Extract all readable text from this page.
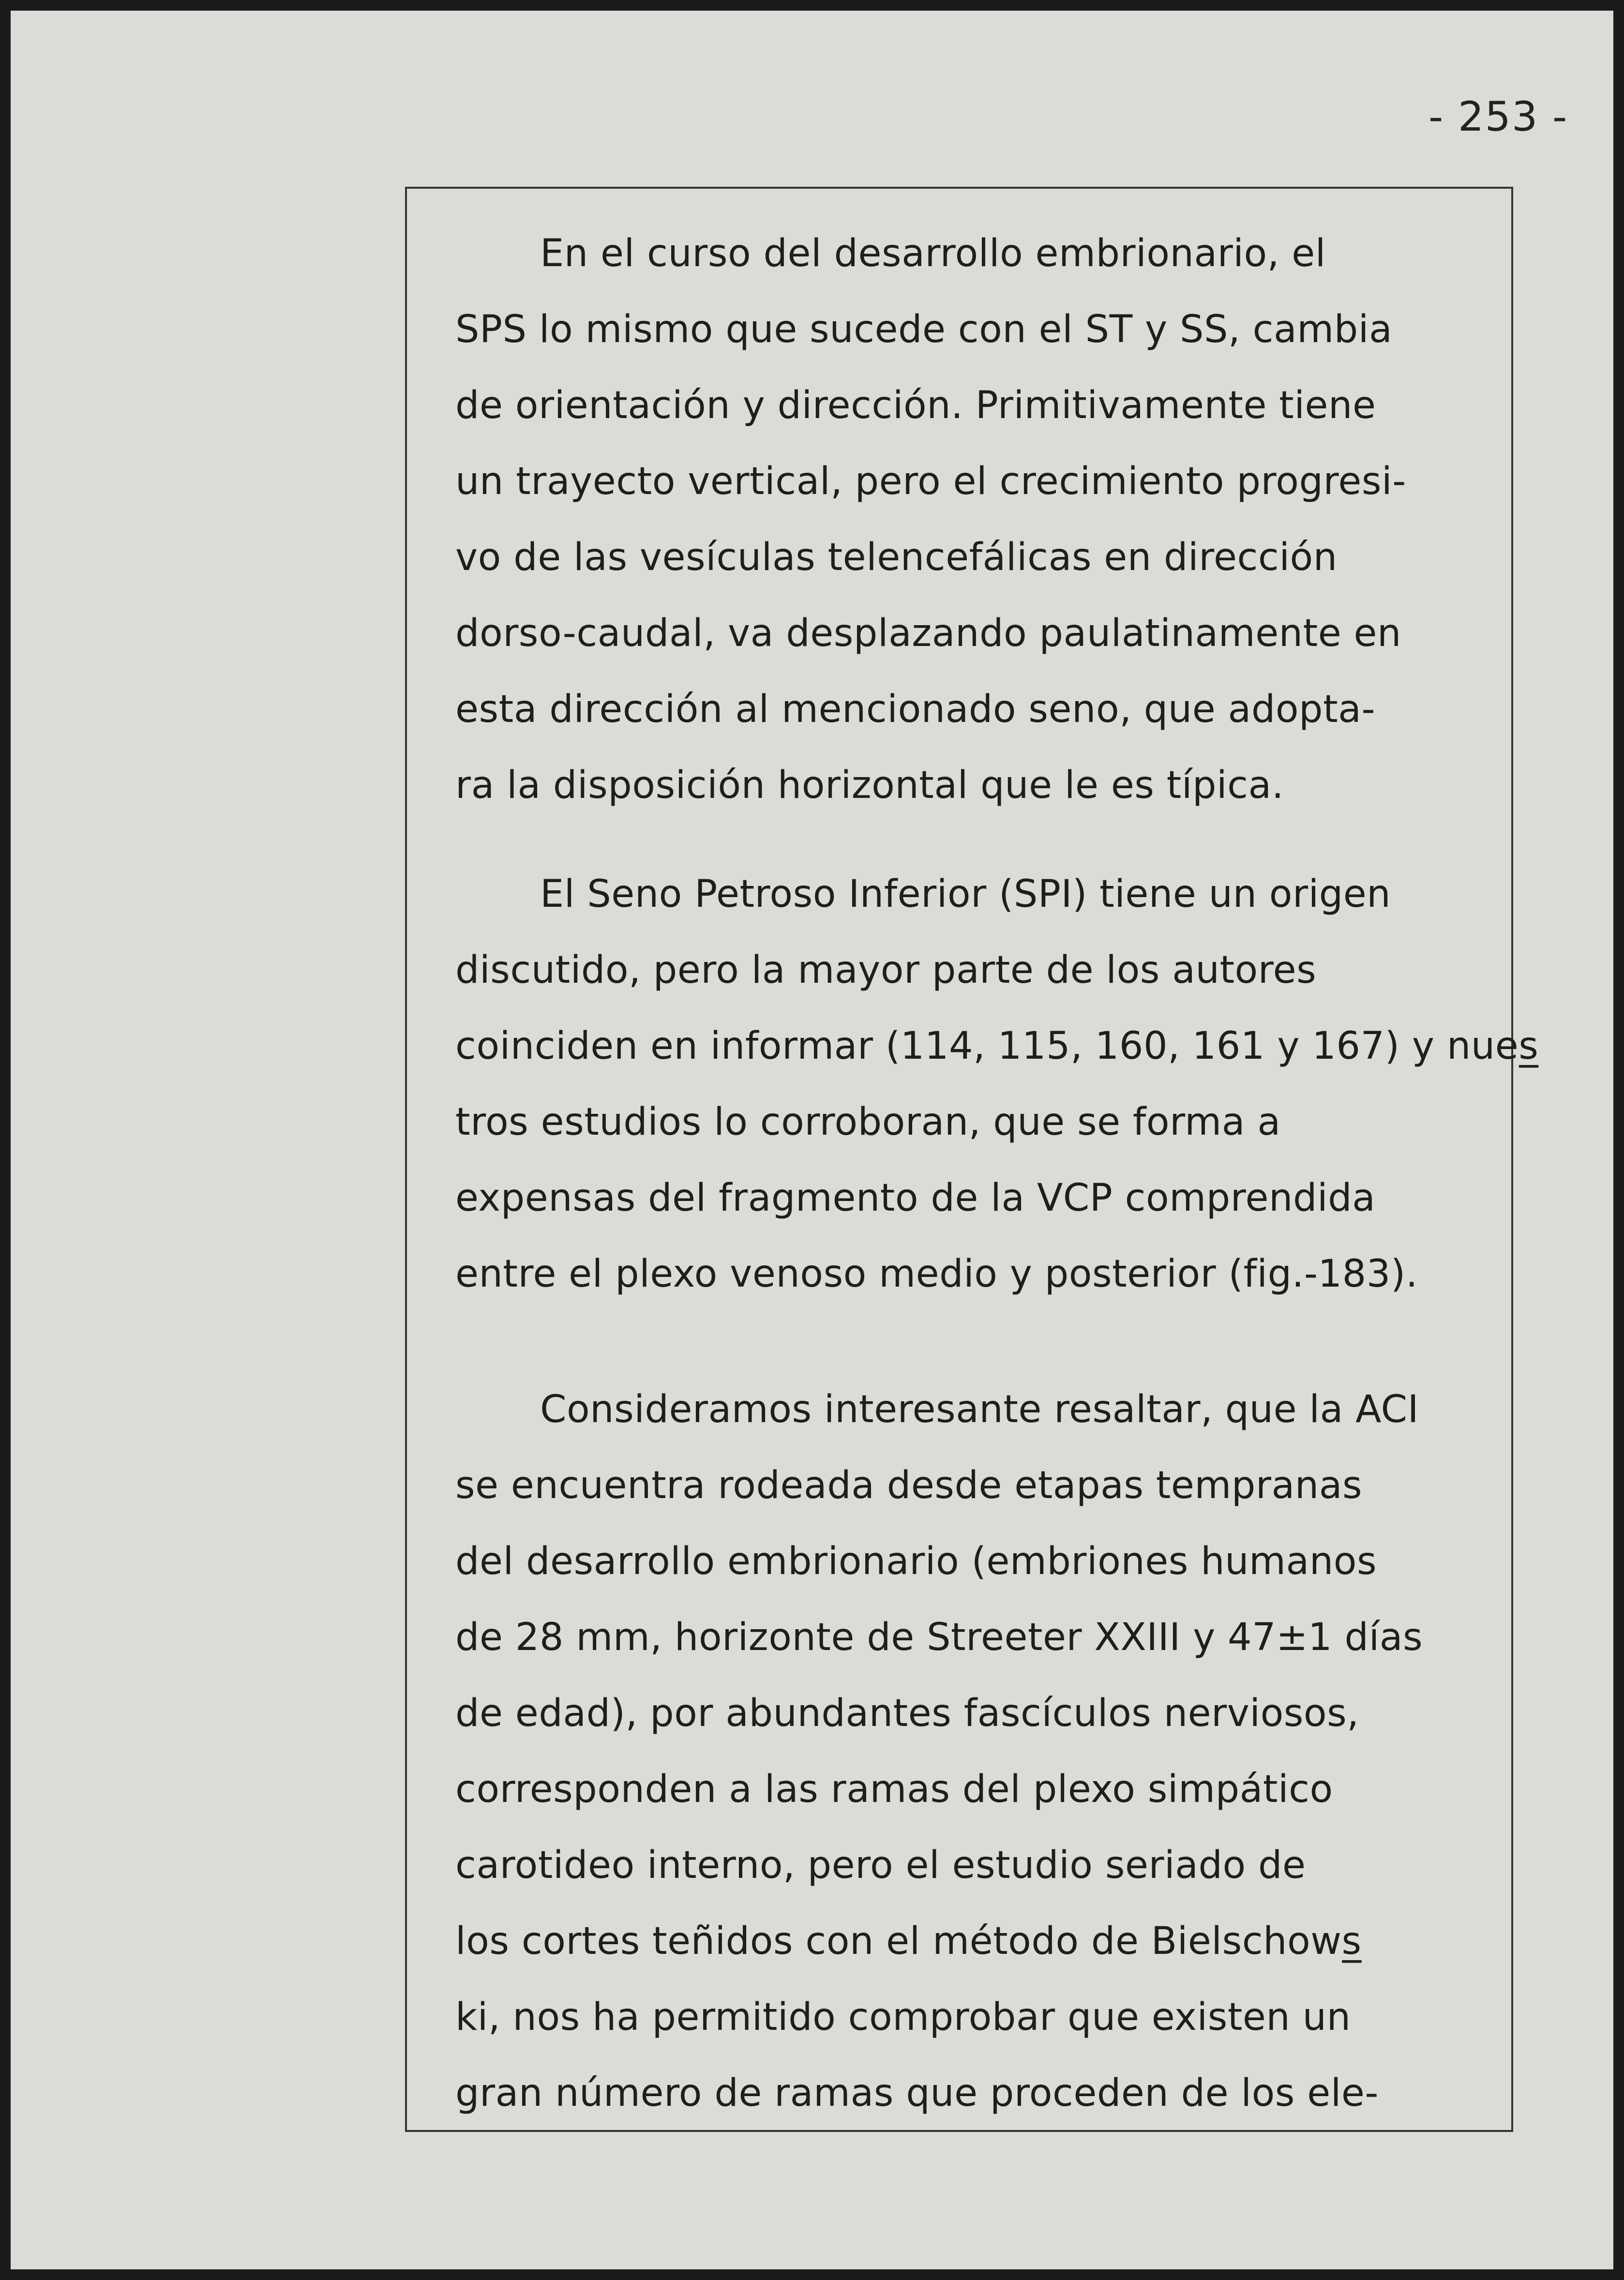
- 253 -
En el curso del desarrollo embrionario, el
SPS lo mismo que sucede con el ST y SS, cambia
de orientación y dirección. Primitivamente tiene
un trayecto vertical, pero el crecimiento progresi-
vo de las vesículas telencefálicas en dirección
dorso-caudal, va desplazando paulatinamente en
esta dirección al mencionado seno, que adopta-
ra la disposición horizontal que le es típica.
El Seno Petroso Inferior (SPI) tiene un origen
discutido, pero la mayor parte de los autores
coinciden en informar (114, 115, 160, 161 y 167) y nues̲
tros estudios lo corroboran, que se forma a
expensas del fragmento de la VCP comprendida
entre el plexo venoso medio y posterior (fig.-183).
Consideramos interesante resaltar, que la ACI
se encuentra rodeada desde etapas tempranas
del desarrollo embrionario (embriones humanos
de 28 mm, horizonte de Streeter XXIII y 47±1 días
de edad), por abundantes fascículos nerviosos,
corresponden a las ramas del plexo simpático
carotideo interno, pero el estudio seriado de
los cortes teñidos con el método de Bielschows̲
ki, nos ha permitido comprobar que existen un
gran número de ramas que proceden de los ele-
